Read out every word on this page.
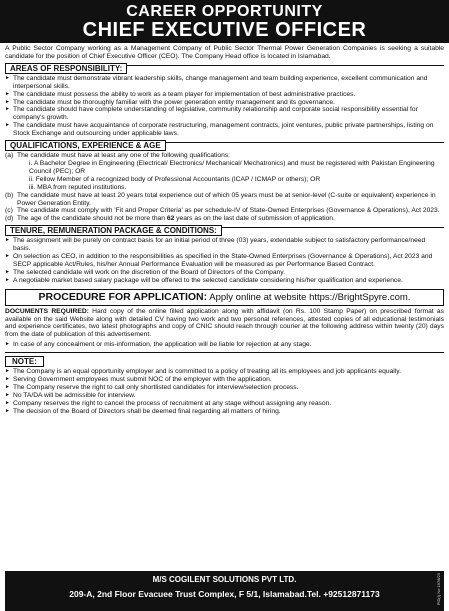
CAREER OPPORTUNITY
CHIEF EXECUTIVE OFFICER
A Public Sector Company working as a Management Company of Public Sector Thermal Power Generation Companies is seeking a suitable candidate for the position of Chief Executive Officer (CEO). The Company Head office is located in Islamabad.
AREAS OF RESPONSIBILITY:
► The candidate must demonstrate vibrant leadership skills, change management and team building experience, excellent communication and interpersonal skills.
► The candidate must possess the ability to work as a team player for implementation of best administrative practices.
► The candidate must be thoroughly familiar with the power generation entity management and its governance.
► The candidate should have complete understanding of legislative, community relationship and corporate social responsibility essential for company's growth.
► The candidate must have acquaintance of corporate restructuring, management contracts, joint ventures, public private partnerships, listing on Stock Exchange and outsourcing under applicable laws.
QUALIFICATIONS, EXPERIENCE & AGE
(a) The candidate must have at least any one of the following qualifications:
i. A Bachelor Degree in Engineering (Electrical/ Electronics/ Mechanical/ Mechatronics) and must be registered with Pakistan Engineering Council (PEC); OR
ii. Fellow Member of a recognized body of Professional Accountants (ICAP / ICMAP or others); OR
iii. MBA from reputed institutions.
(b) The candidate must have at least 20 years total experience out of which 05 years must be at senior-level (C-suite or equivalent) experience in Power Generation Entity.
(c) The candidate must comply with 'Fit and Proper Criteria' as per schedule-IV of State-Owned Enterprises (Governance & Operations), Act 2023.
(d) The age of the candidate should not be more than 62 years as on the last date of submission of application.
TENURE, REMUNERATION PACKAGE & CONDITIONS:
► The assignment will be purely on contract basis for an initial period of three (03) years, extendable subject to satisfactory performance/need basis.
► On selection as CEO, in addition to the responsibilities as specified in the State-Owned Enterprises (Governance & Operations), Act 2023 and SECP applicable Act/Rules, his/her Annual Performance Evaluation will be measured as per Performance Based Contract.
► The selected candidate will work on the discretion of the Board of Directors of the Company.
► A negotiable market based salary package will be offered to the selected candidate considering his/her qualification and experience.
PROCEDURE FOR APPLICATION: Apply online at website https://BrightSpyre.com.
DOCUMENTS REQUIRED: Hard copy of the online filled application along with affidavit (on Rs. 100 Stamp Paper) on prescribed format as available on the said Website along with detailed CV having two work and two personal references, attested copies of all educational testimonials and experience certificates, two latest photographs and copy of CNIC should reach through courier at the following address within twenty (20) days from the date of publication of this advertisement.
► In case of any concealment or mis-information, the application will be liable for rejection at any stage.
NOTE:
► The Company is an equal opportunity employer and is committed to a policy of treating all its employees and job applicants equally.
► Serving Government employees must submit NOC of the employer with the application.
► The Company reserve the right to call only shortlisted candidates for interview/selection process.
► No TA/DA will be admissible for interview.
► Company reserves the right to cancel the process of recruitment at any stage without assigning any reason.
► The decision of the Board of Directors shall be deemed final regarding all matters of hiring.
M/S COGILENT SOLUTIONS PVT LTD.
209-A, 2nd Floor Evacuee Trust Complex, F 5/1, Islamabad.Tel. +92512871173	PID(I) No 1978/23
